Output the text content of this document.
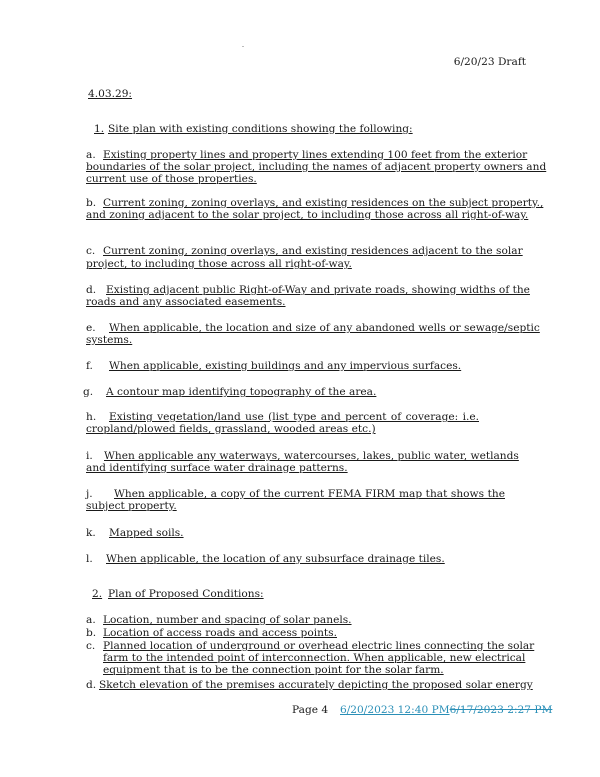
6/20/23 Draft

4.03.29:

1. Site plan with existing conditions showing the following:

a. Existing property lines and property lines extending 100 feet from the exterior

boundaries of the solar project, including the names of adjacent property owners and

current use of those properties.

b. Current zoning, zoning overlays, and existing residences on the subject property.,

and zoning adjacent to the solar project, to including those across all right-of-way.

c. Current zoning, zoning overlays, and existing residences adjacent to the solar

project, to including those across all right-of-way.

d. Existing adjacent public Right-of-Way and private roads, showing widths of the

roads and any associated easements.

e. When applicable, the location and size of any abandoned wells or sewage/septic

systems.

f. When applicable, existing buildings and any impervious surfaces.

g. A contour map identifying topography of the area.

h. Existing vegetation/land use (list type and percent of coverage: i.e.

cropland/plowed fields, grassland, wooded areas etc.)

i. When applicable any waterways, watercourses, lakes, public water, wetlands

and identifying surface water drainage patterns.

j. When applicable, a copy of the current FEMA FIRM map that shows the

subject property.

k. Mapped soils.

l. When applicable, the location of any subsurface drainage tiles.

2. Plan of Proposed Conditions:

a. Location, number and spacing of solar panels.

b. Location of access roads and access points.

c. Planned location of underground or overhead electric lines connecting the solar

farm to the intended point of interconnection. When applicable, new electrical

equipment that is to be the connection point for the solar farm.

d. Sketch elevation of the premises accurately depicting the proposed solar energy

Page 4 6/20/2023 12:40 PM6/17/2023 2:27 PM
